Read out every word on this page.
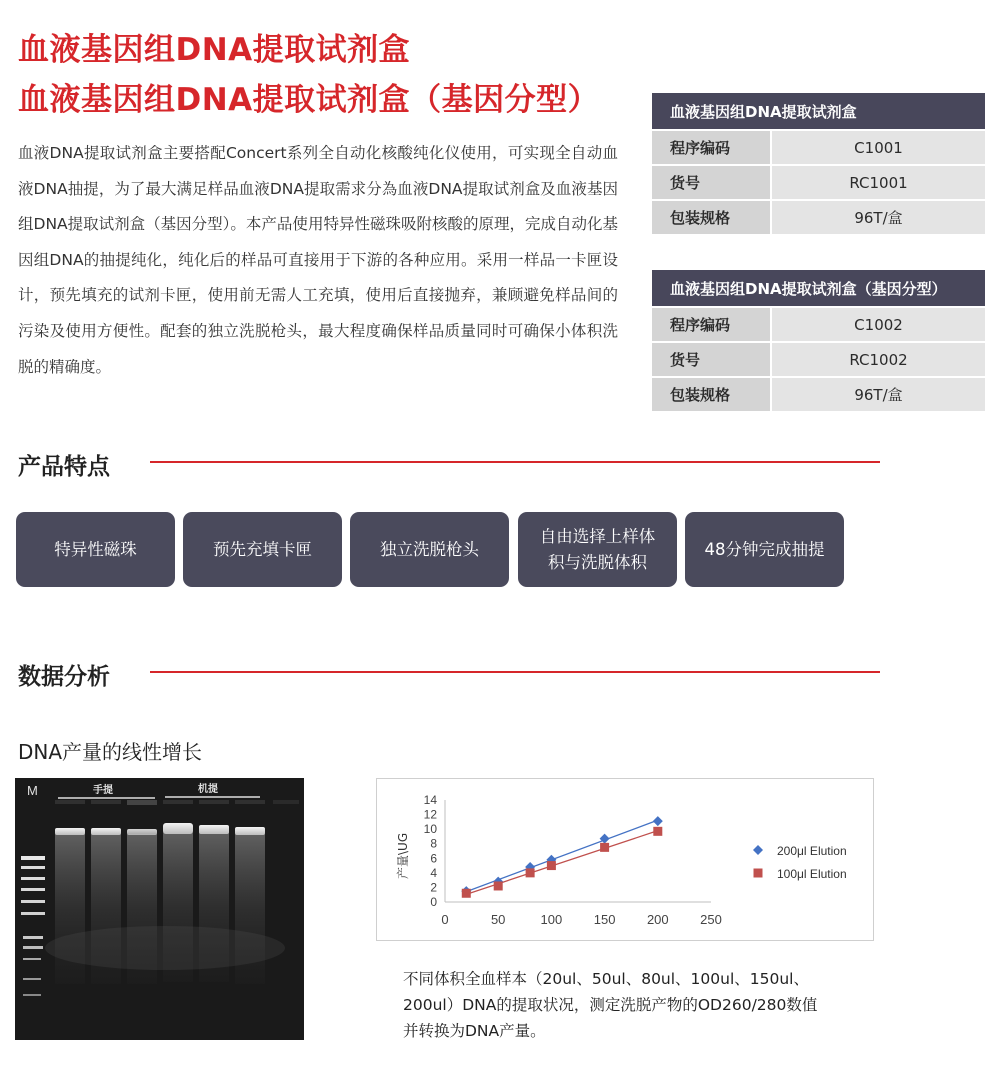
血液基因组DNA提取试剂盒
血液基因组DNA提取试剂盒（基因分型）

血液DNA提取试剂盒主要搭配Concert系列全自动化核酸纯化仪使用，可实现全自动血液DNA抽提，为了最大满足样品血液DNA提取需求分為血液DNA提取试剂盒及血液基因组DNA提取试剂盒（基因分型）。本产品使用特异性磁珠吸附核酸的原理，完成自动化基因组DNA的抽提纯化，纯化后的样品可直接用于下游的各种应用。采用一样品一卡匣设计，预先填充的试剂卡匣，使用前无需人工充填，使用后直接抛弃，兼顾避免样品间的污染及使用方便性。配套的独立洗脱枪头，最大程度确保样品质量同时可确保小体积洗脱的精确度。

血液基因组DNA提取试剂盒
程序编码	C1001
货号	RC1001
包装规格	96T/盒
血液基因组DNA提取试剂盒（基因分型）
程序编码	C1002
货号	RC1002
包装规格	96T/盒
产品特点
特异性磁珠	预先充填卡匣	独立洗脱枪头
自由选择上样体积与洗脱体积
48分钟完成抽提
数据分析
DNA产量的线性增长
M	手提	机提
产量\UG
0	50	100 150 200 250
0
2
4
6
8
10
12
14
200μl Elution
100μl Elution

不同体积全血样本（20ul、50ul、80ul、100ul、150ul、200ul）DNA的提取状况，测定洗脱产物的OD260/280数值并转换为DNA产量。
